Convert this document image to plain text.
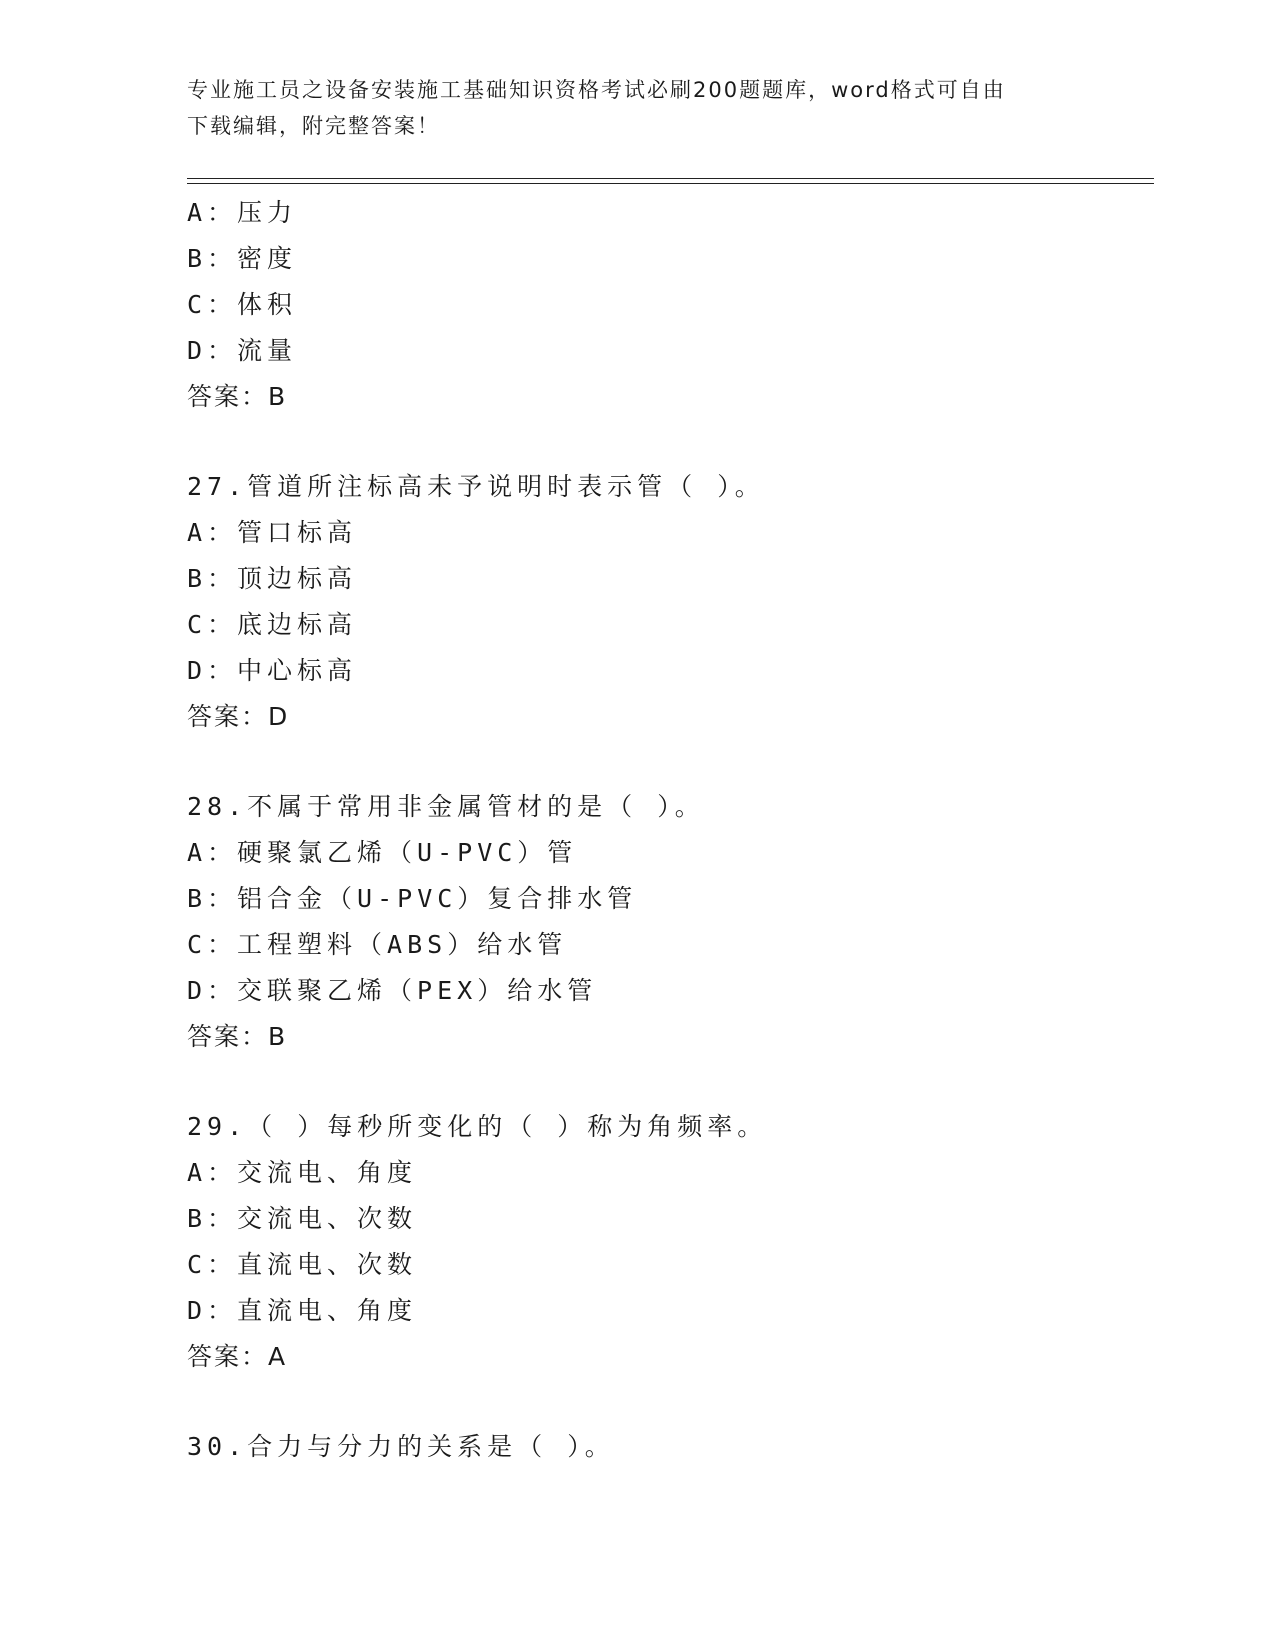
专业施工员之设备安装施工基础知识资格考试必刷200题题库，word格式可自由
下载编辑，附完整答案！
A：压力
B：密度
C：体积
D：流量
答案：B
27.管道所注标高未予说明时表示管（ ）。
A：管口标高
B：顶边标高
C：底边标高
D：中心标高
答案：D
28.不属于常用非金属管材的是（ ）。
A：硬聚氯乙烯（U-PVC）管
B：铝合金（U-PVC）复合排水管
C：工程塑料（ABS）给水管
D：交联聚乙烯（PEX）给水管
答案：B
29.（ ）每秒所变化的（ ）称为角频率。
A：交流电、角度
B：交流电、次数
C：直流电、次数
D：直流电、角度
答案：A
30.合力与分力的关系是（ ）。
